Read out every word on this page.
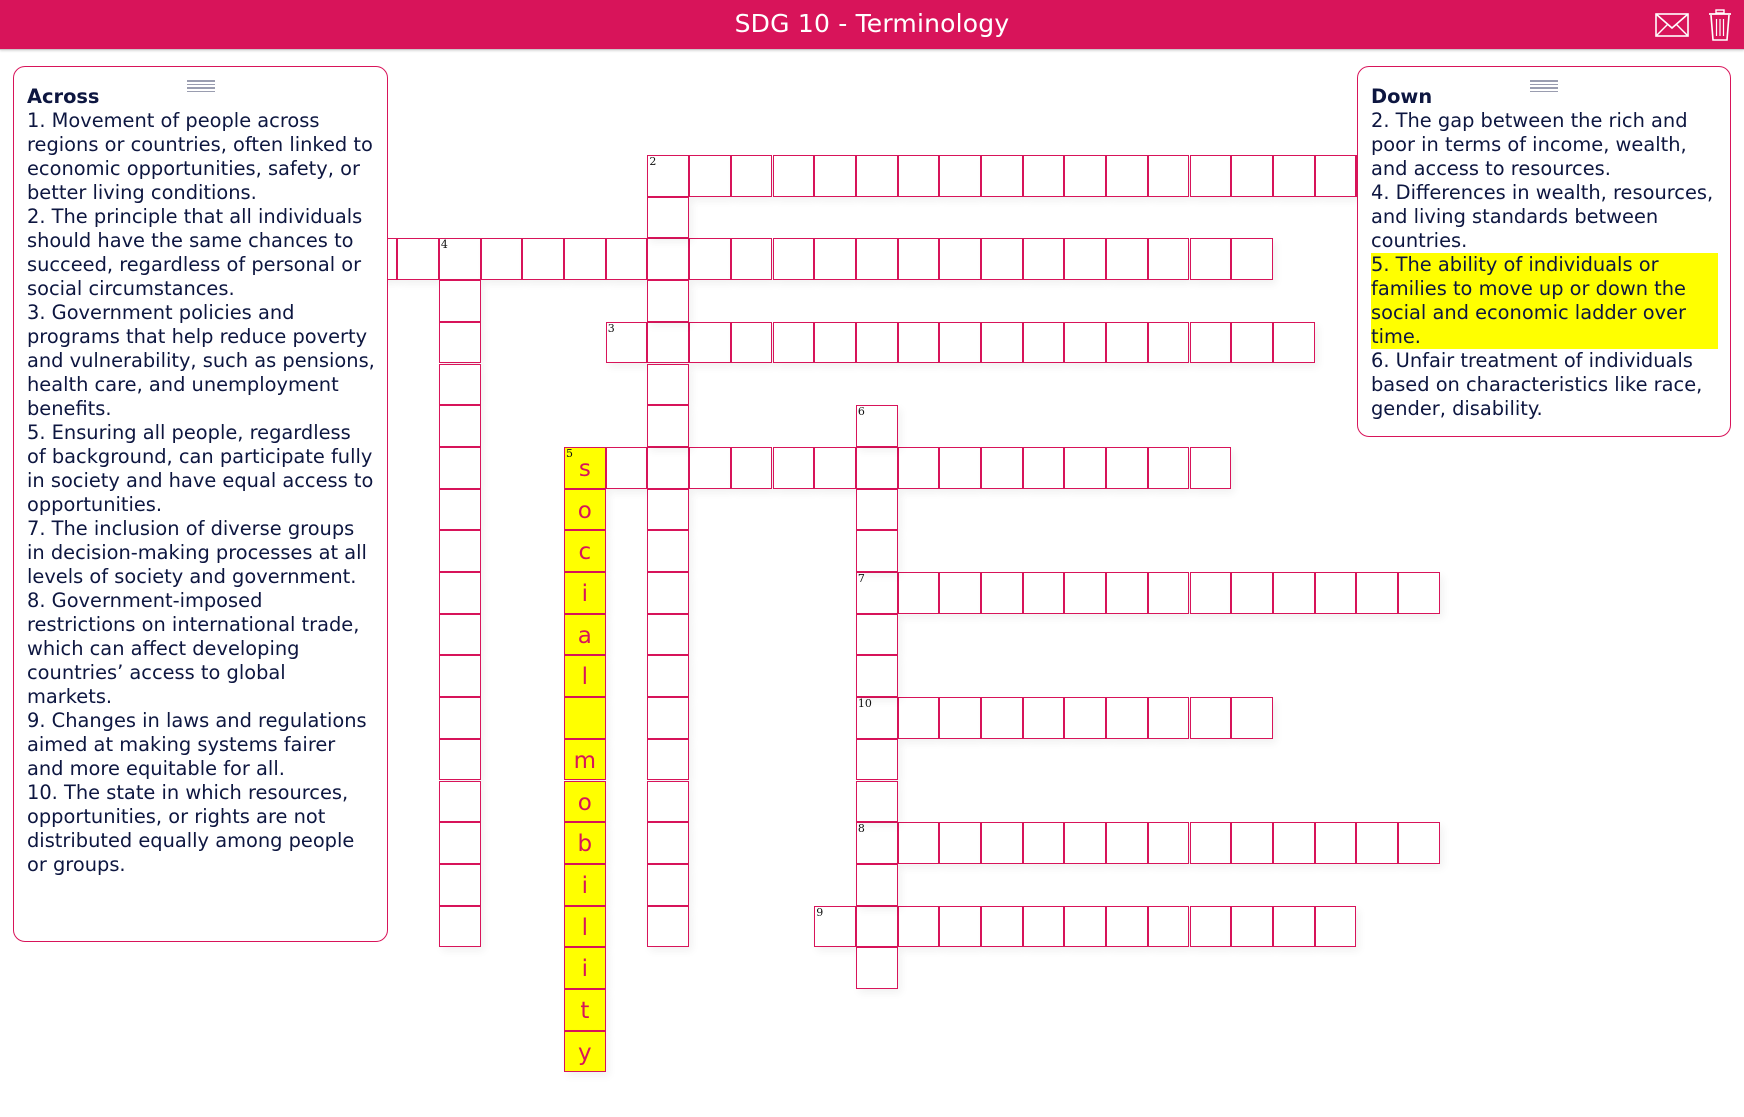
SDG 10 - Terminology
4
2
3
5
s
7
10
8
9
6
o
c
i
a
l
m
o
b
i
l
i
t
y
Across
1. Movement of people across regions or countries, often linked to economic opportunities, safety, or better living conditions.
2. The principle that all individuals should have the same chances to succeed, regardless of personal or social circumstances.
3. Government policies and programs that help reduce poverty and vulnerability, such as pensions, health care, and unemployment benefits.
5. Ensuring all people, regardless of background, can participate fully in society and have equal access to opportunities.
7. The inclusion of diverse groups in decision-making processes at all levels of society and government.
8. Government-imposed restrictions on international trade, which can affect developing countries’ access to global markets.
9. Changes in laws and regulations aimed at making systems fairer and more equitable for all.
10. The state in which resources, opportunities, or rights are not distributed equally among people or groups.
Down
2. The gap between the rich and poor in terms of income, wealth, and access to resources.
4. Differences in wealth, resources, and living standards between countries.
5. The ability of individuals or families to move up or down the social and economic ladder over time.
6. Unfair treatment of individuals based on characteristics like race, gender, disability.
